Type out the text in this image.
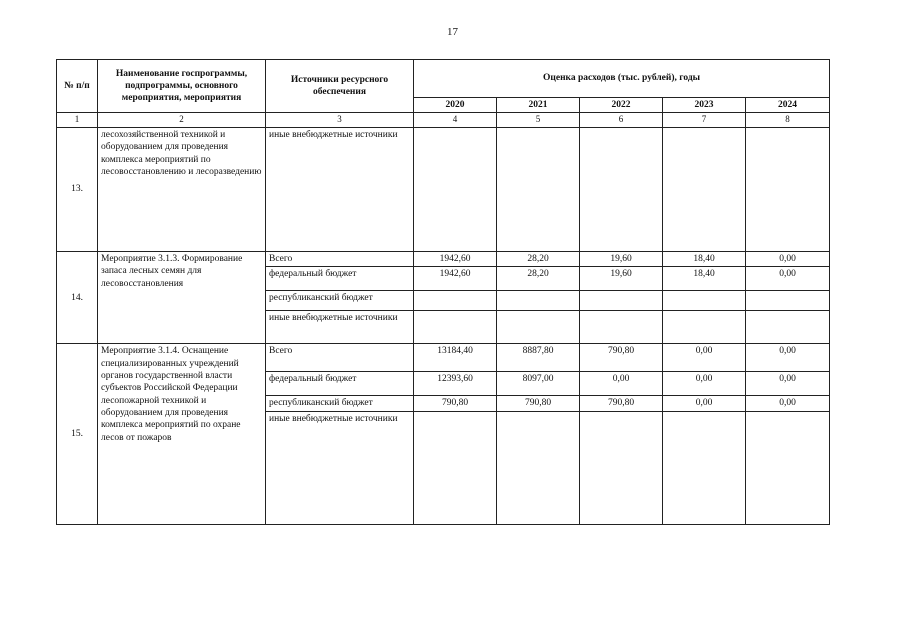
17
№ п/п	Наименование госпрограммы, подпрограммы, основного мероприятия, мероприятия	Источники ресурсного обеспечения	Оценка расходов (тыс. рублей), годы				
			2020	2021	2022	2023	2024
1	2	3	4	5	6	7	8
13.	лесохозяйственной техникой и оборудованием для проведения комплекса мероприятий по лесовосстановлению и лесоразведению	иные внебюджетные источники					
14.	Мероприятие 3.1.3. Формирование запаса лесных семян для лесовосстановления	Всего	1942,60	28,20	19,60	18,40	0,00
		федеральный бюджет	1942,60	28,20	19,60	18,40	0,00
		республиканский бюджет					
		иные внебюджетные источники					
15.	Мероприятие 3.1.4. Оснащение специализированных учреждений органов государственной власти субъектов Российской Федерации лесопожарной техникой и оборудованием для проведения комплекса мероприятий по охране лесов от пожаров	Всего	13184,40	8887,80	790,80	0,00	0,00
		федеральный бюджет	12393,60	8097,00	0,00	0,00	0,00
		республиканский бюджет	790,80	790,80	790,80	0,00	0,00
		иные внебюджетные источники					
